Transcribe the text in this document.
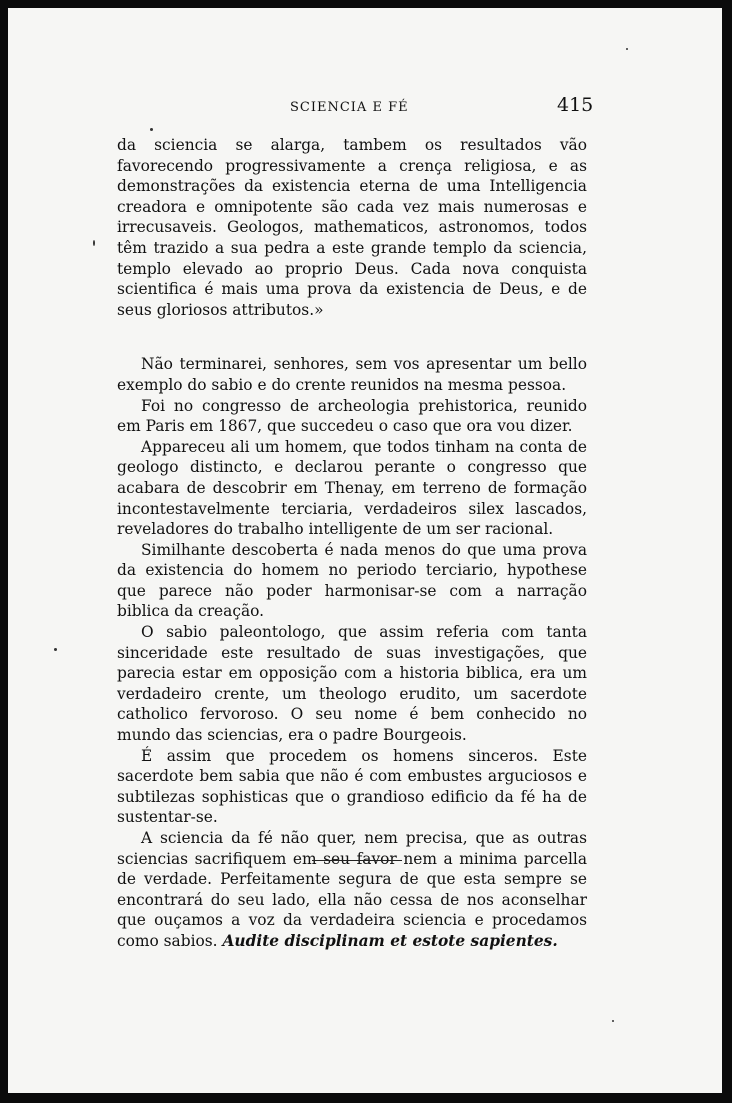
SCIENCIA E FÉ	415

da sciencia se alarga, tambem os resultados vão favorecendo progressivamente a crença religiosa, e as demonstrações da existencia eterna de uma Intelligencia creadora e omnipotente são cada vez mais numerosas e irrecusaveis. Geologos, mathematicos, astronomos, todos têm trazido a sua pedra a este grande templo da sciencia, templo elevado ao proprio Deus. Cada nova conquista scientifica é mais uma prova da existencia de Deus, e de seus gloriosos attributos.»

Não terminarei, senhores, sem vos apresentar um bello exemplo do sabio e do crente reunidos na mesma pessoa.

Foi no congresso de archeologia prehistorica, reunido em Paris em 1867, que succedeu o caso que ora vou dizer.

Appareceu ali um homem, que todos tinham na conta de geologo distincto, e declarou perante o congresso que acabara de descobrir em Thenay, em terreno de formação incontestavelmente terciaria, verdadeiros silex lascados, reveladores do trabalho intelligente de um ser racional.

Similhante descoberta é nada menos do que uma prova da existencia do homem no periodo terciario, hypothese que parece não poder harmonisar-se com a narração biblica da creação.

O sabio paleontologo, que assim referia com tanta sinceridade este resultado de suas investigações, que parecia estar em opposição com a historia biblica, era um verdadeiro crente, um theologo erudito, um sacerdote catholico fervoroso. O seu nome é bem conhecido no mundo das sciencias, era o padre Bourgeois.

É assim que procedem os homens sinceros. Este sacerdote bem sabia que não é com embustes arguciosos e subtilezas sophisticas que o grandioso edificio da fé ha de sustentar-se.

A sciencia da fé não quer, nem precisa, que as outras sciencias sacrifiquem em seu favor nem a minima parcella de verdade. Perfeitamente segura de que esta sempre se encontrará do seu lado, ella não cessa de nos aconselhar que ouçamos a voz da verdadeira sciencia e procedamos como sabios. Audite disciplinam et estote sapientes.
